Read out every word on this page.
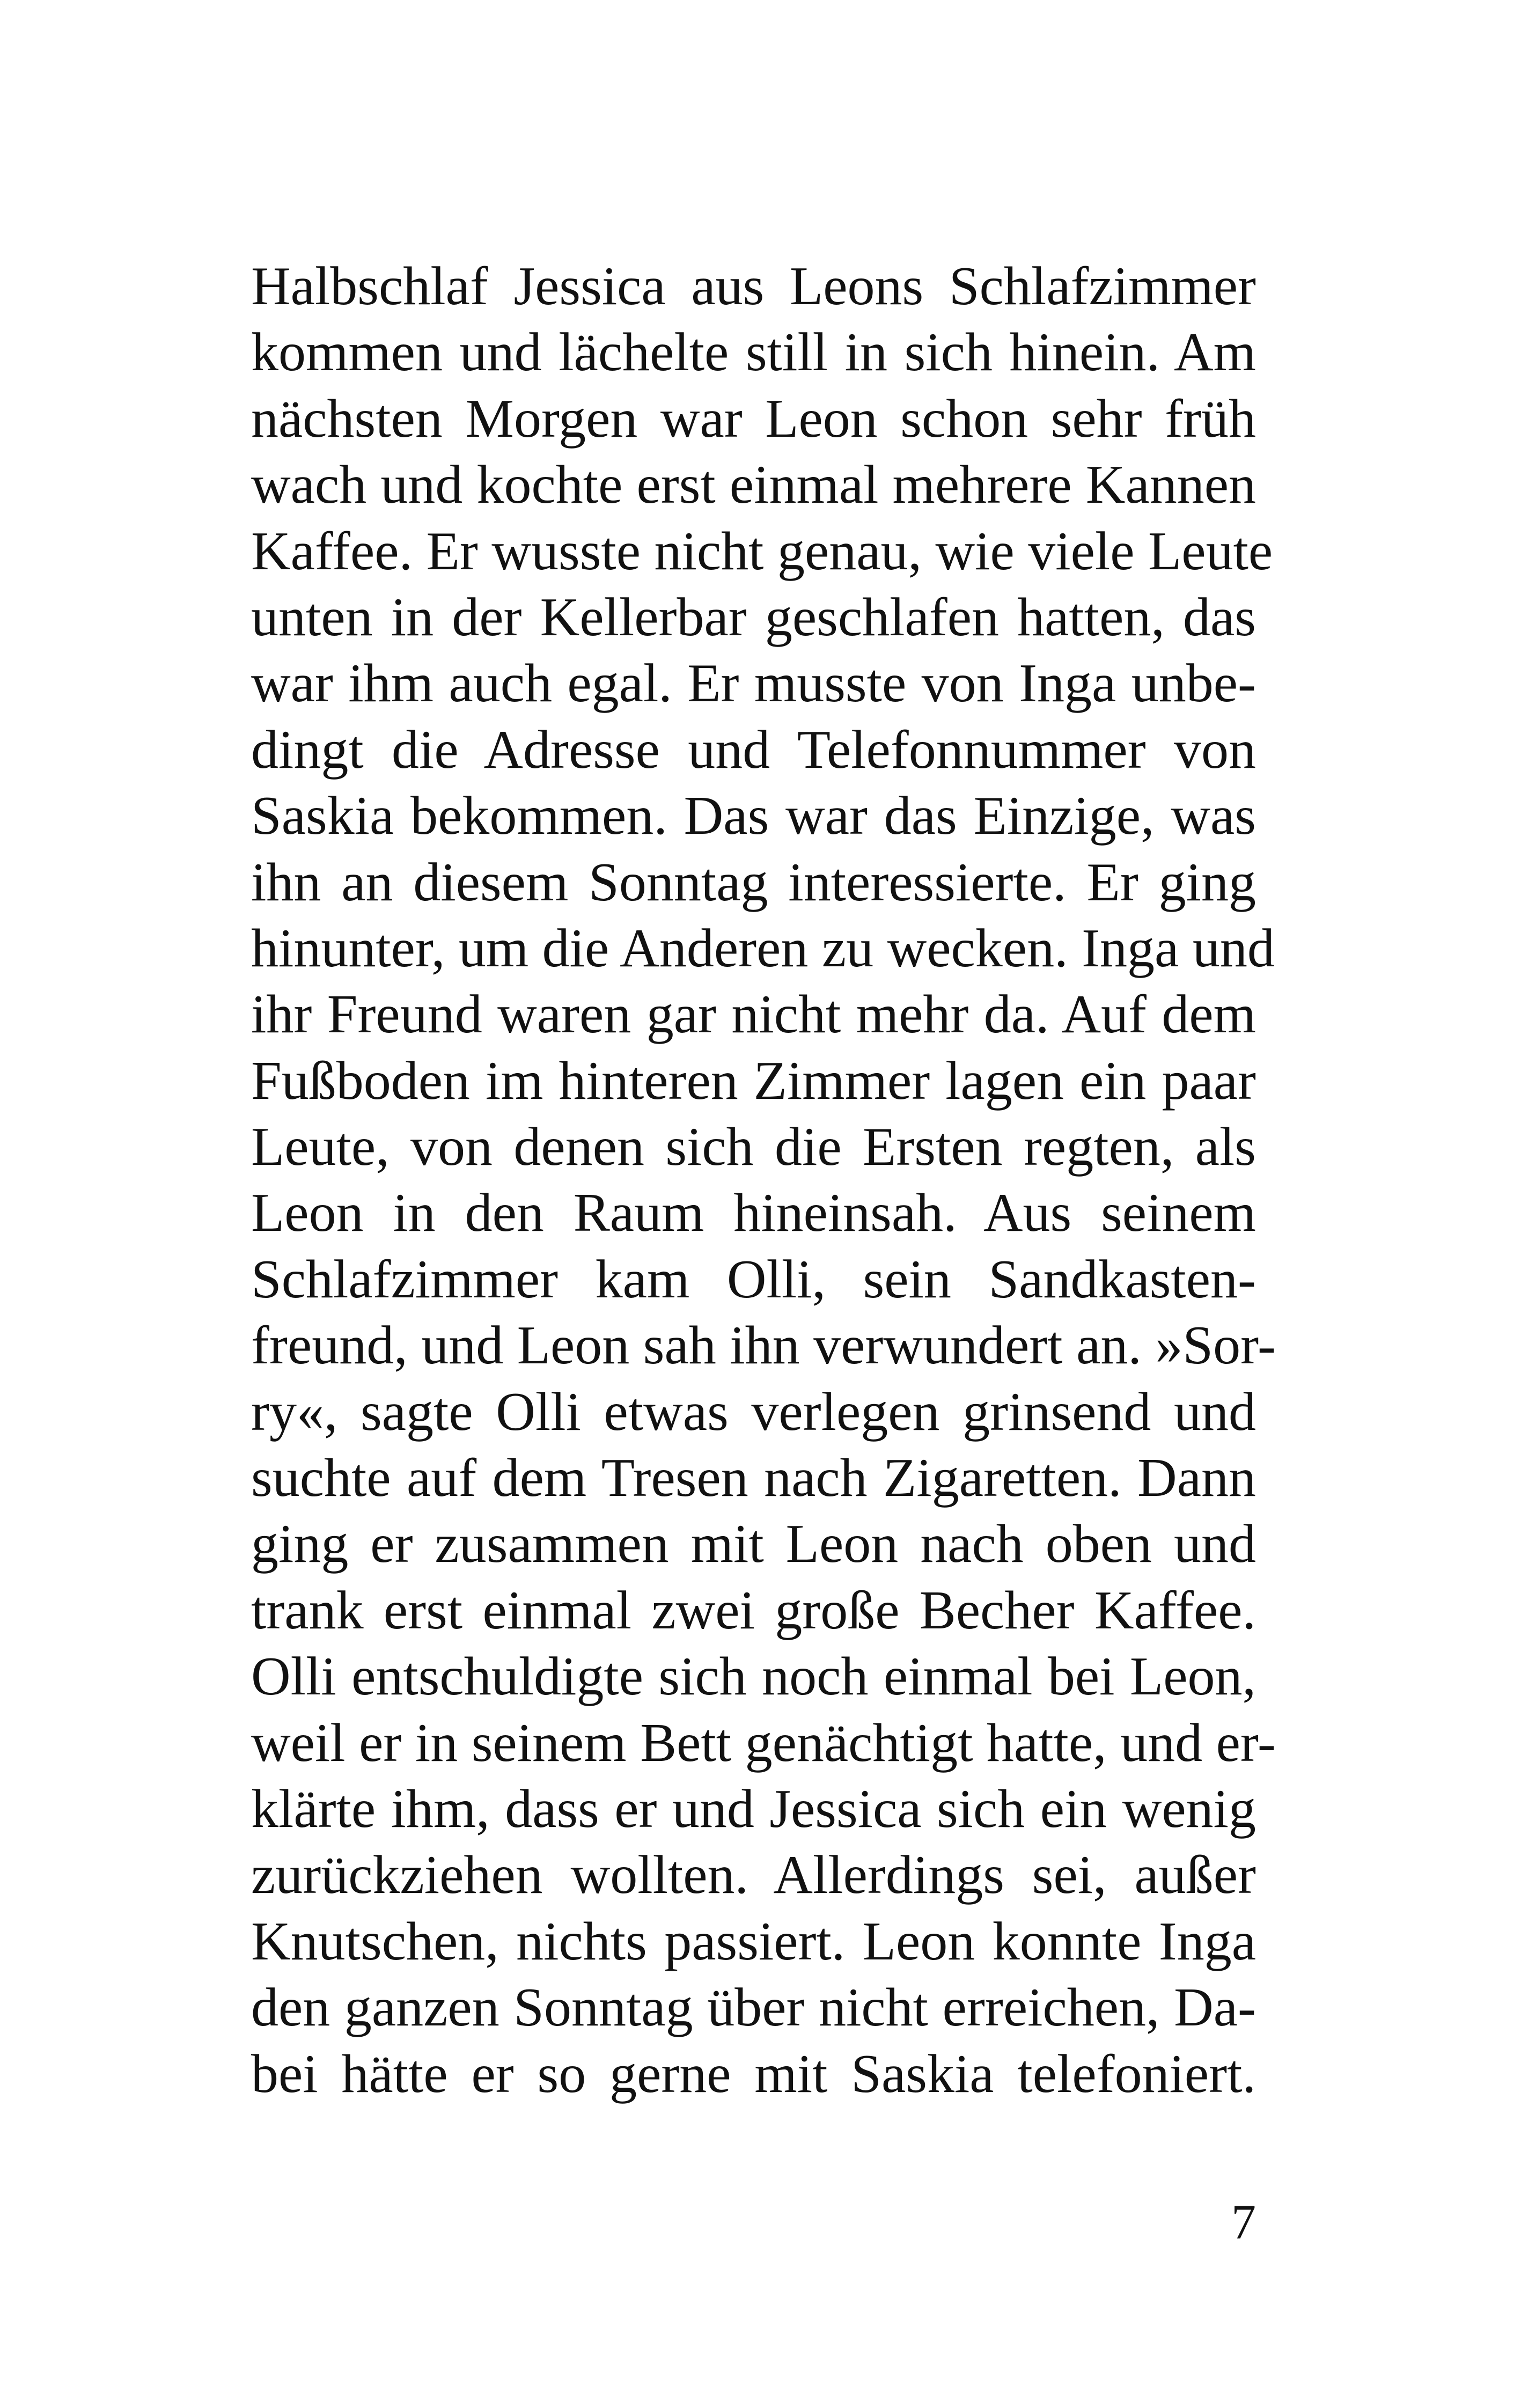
Halbschlaf Jessica aus Leons Schlafzimmer
kommen und lächelte still in sich hinein. Am
nächsten Morgen war Leon schon sehr früh
wach und kochte erst einmal mehrere Kannen
Kaffee. Er wusste nicht genau, wie viele Leute
unten in der Kellerbar geschlafen hatten, das
war ihm auch egal. Er musste von Inga unbe-
dingt die Adresse und Telefonnummer von
Saskia bekommen. Das war das Einzige, was
ihn an diesem Sonntag interessierte. Er ging
hinunter, um die Anderen zu wecken. Inga und
ihr Freund waren gar nicht mehr da. Auf dem
Fußboden im hinteren Zimmer lagen ein paar
Leute, von denen sich die Ersten regten, als
Leon in den Raum hineinsah. Aus seinem
Schlafzimmer kam Olli, sein Sandkasten-
freund, und Leon sah ihn verwundert an. »Sor-
ry«, sagte Olli etwas verlegen grinsend und
suchte auf dem Tresen nach Zigaretten. Dann
ging er zusammen mit Leon nach oben und
trank erst einmal zwei große Becher Kaffee.
Olli entschuldigte sich noch einmal bei Leon,
weil er in seinem Bett genächtigt hatte, und er-
klärte ihm, dass er und Jessica sich ein wenig
zurückziehen wollten. Allerdings sei, außer
Knutschen, nichts passiert. Leon konnte Inga
den ganzen Sonntag über nicht erreichen, Da-
bei hätte er so gerne mit Saskia telefoniert.
7
